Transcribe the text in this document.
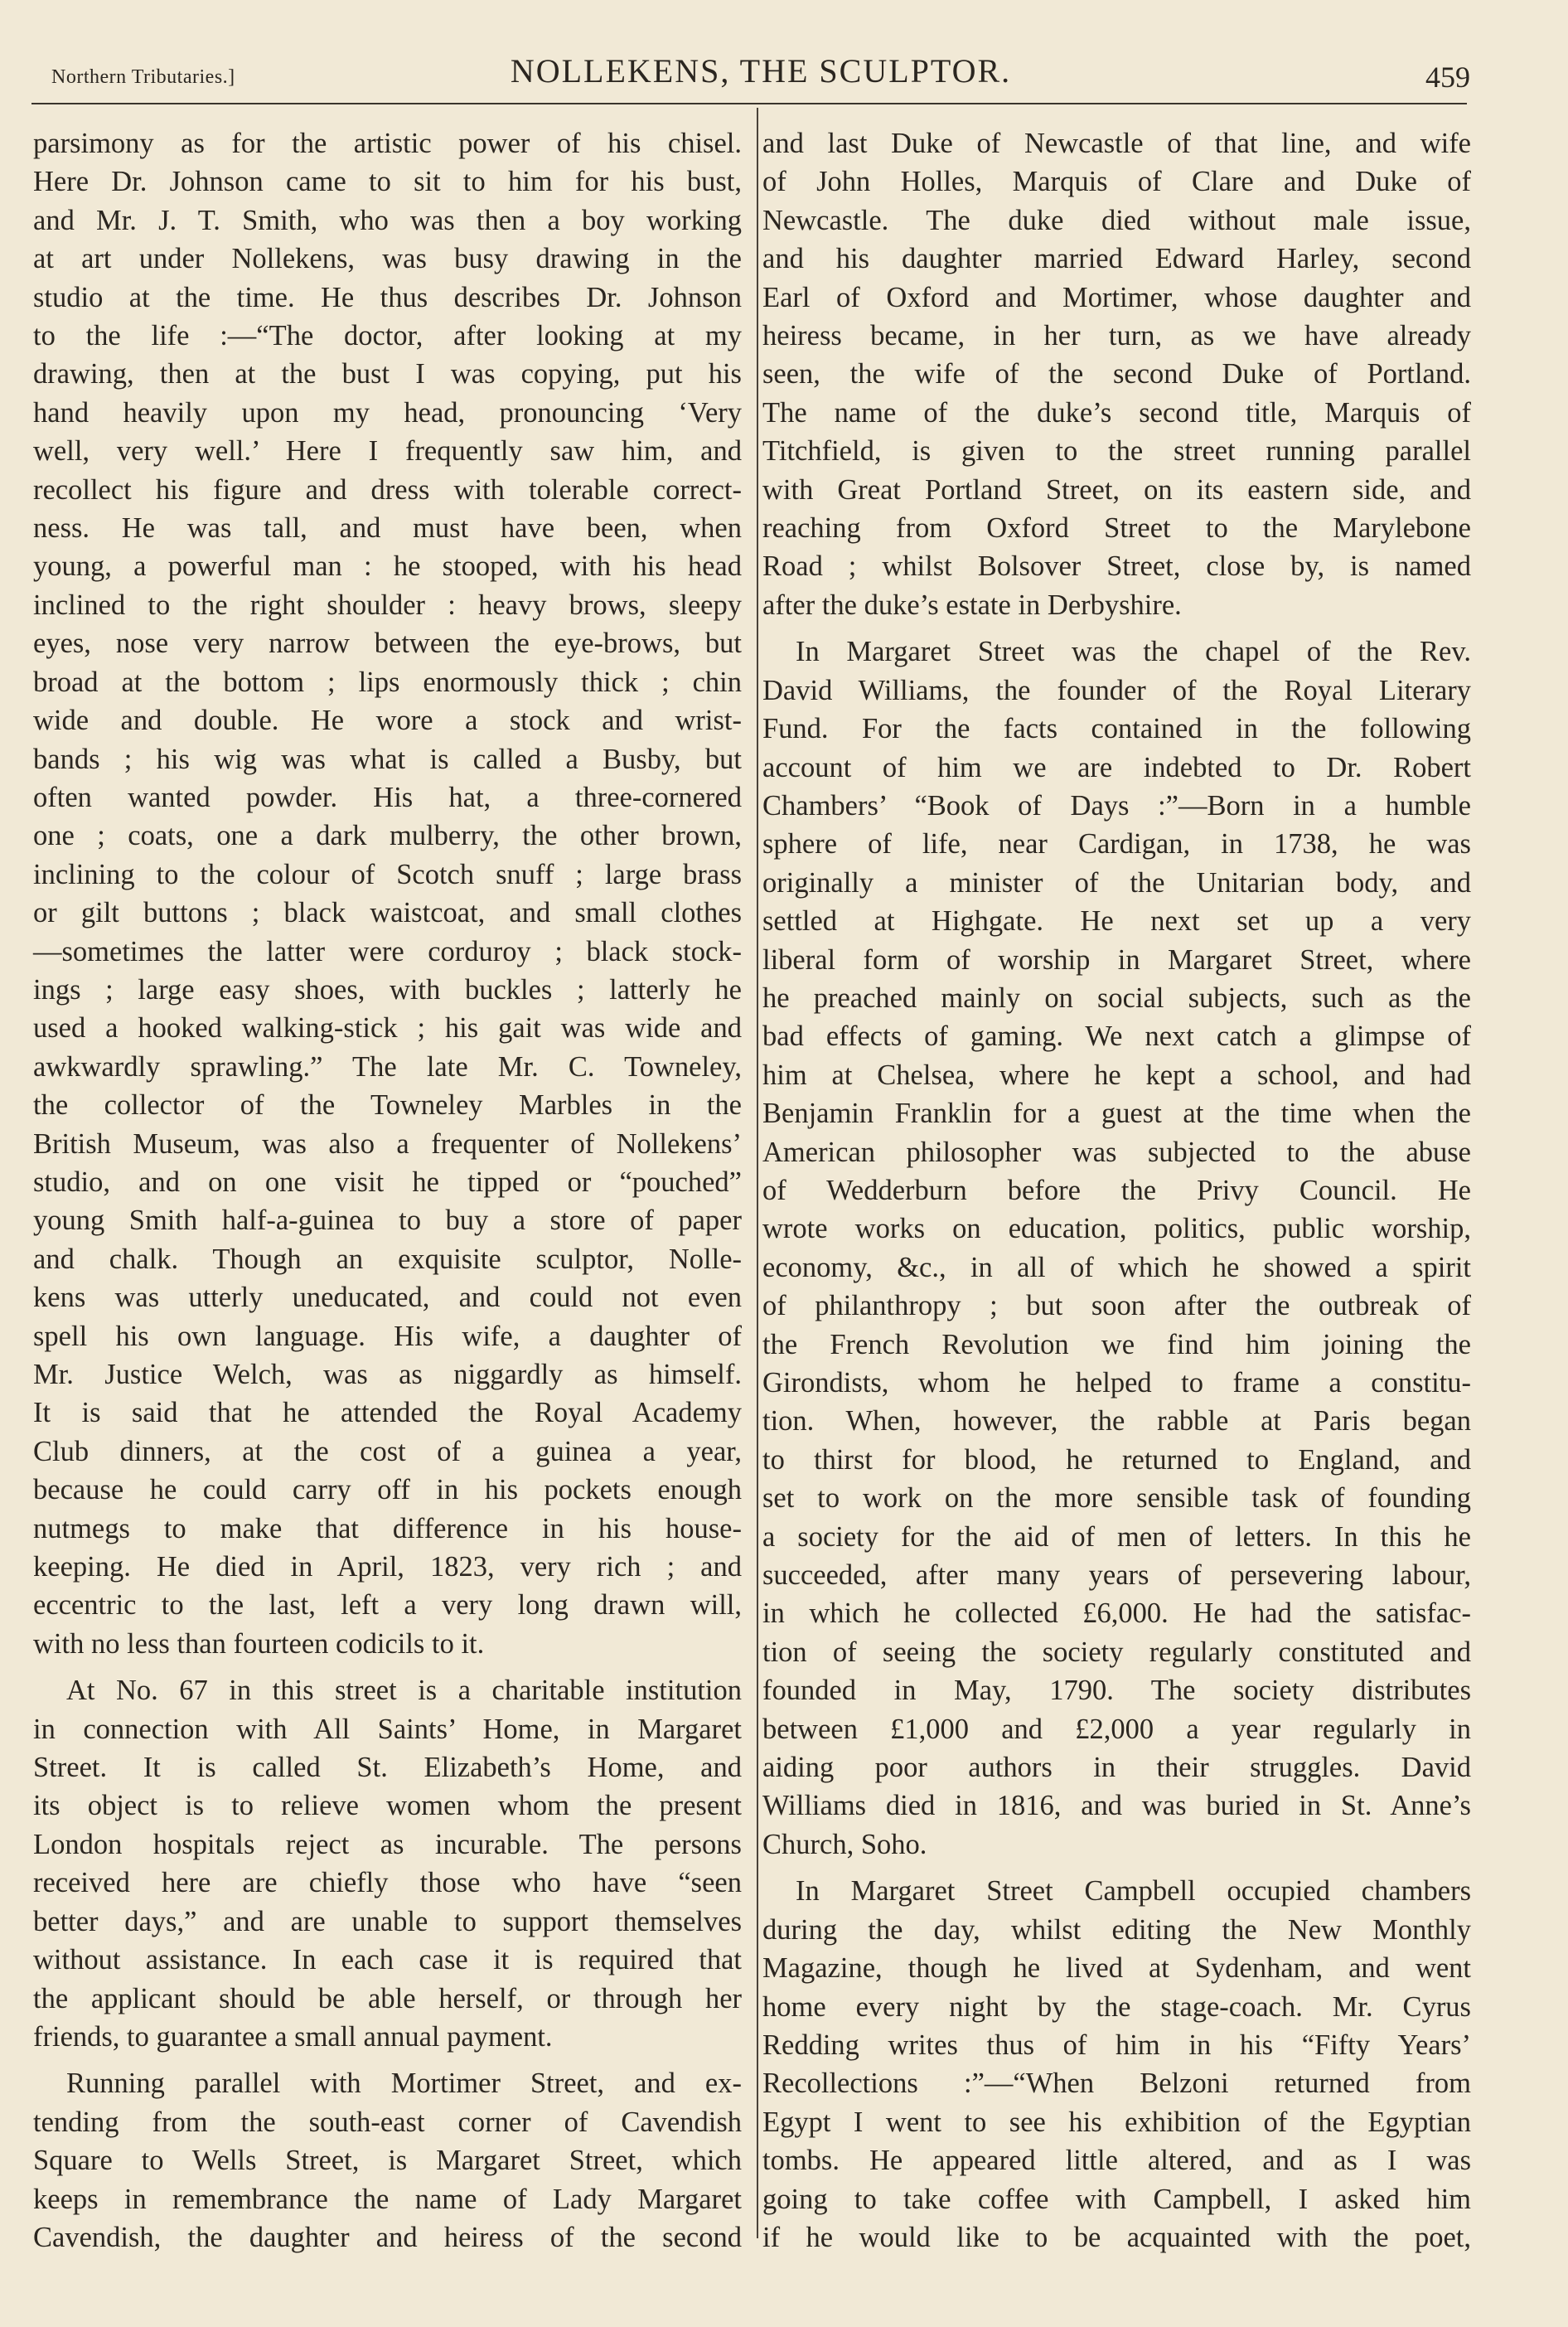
Northern Tributaries.]	NOLLEKENS, THE SCULPTOR.	459

parsimony as for the artistic power of his chisel.

Here Dr. Johnson came to sit to him for his bust,

and Mr. J. T. Smith, who was then a boy working

at art under Nollekens, was busy drawing in the

studio at the time. He thus describes Dr. Johnson

to the life :—“The doctor, after looking at my

drawing, then at the bust I was copying, put his

hand heavily upon my head, pronouncing ‘Very

well, very well.’ Here I frequently saw him, and

recollect his figure and dress with tolerable correct-

ness. He was tall, and must have been, when

young, a powerful man : he stooped, with his head

inclined to the right shoulder : heavy brows, sleepy

eyes, nose very narrow between the eye-brows, but

broad at the bottom ; lips enormously thick ; chin

wide and double. He wore a stock and wrist-

bands ; his wig was what is called a Busby, but

often wanted powder. His hat, a three-cornered

one ; coats, one a dark mulberry, the other brown,

inclining to the colour of Scotch snuff ; large brass

or gilt buttons ; black waistcoat, and small clothes

—sometimes the latter were corduroy ; black stock-

ings ; large easy shoes, with buckles ; latterly he

used a hooked walking-stick ; his gait was wide and

awkwardly sprawling.” The late Mr. C. Towneley,

the collector of the Towneley Marbles in the

British Museum, was also a frequenter of Nollekens’

studio, and on one visit he tipped or “pouched”

young Smith half-a-guinea to buy a store of paper

and chalk. Though an exquisite sculptor, Nolle-

kens was utterly uneducated, and could not even

spell his own language. His wife, a daughter of

Mr. Justice Welch, was as niggardly as himself.

It is said that he attended the Royal Academy

Club dinners, at the cost of a guinea a year,

because he could carry off in his pockets enough

nutmegs to make that difference in his house-

keeping. He died in April, 1823, very rich ; and

eccentric to the last, left a very long drawn will,

with no less than fourteen codicils to it.

At No. 67 in this street is a charitable institution

in connection with All Saints’ Home, in Margaret

Street. It is called St. Elizabeth’s Home, and

its object is to relieve women whom the present

London hospitals reject as incurable. The persons

received here are chiefly those who have “seen

better days,” and are unable to support themselves

without assistance. In each case it is required that

the applicant should be able herself, or through her

friends, to guarantee a small annual payment.

Running parallel with Mortimer Street, and ex-

tending from the south-east corner of Cavendish

Square to Wells Street, is Margaret Street, which

keeps in remembrance the name of Lady Margaret

Cavendish, the daughter and heiress of the second

and last Duke of Newcastle of that line, and wife

of John Holles, Marquis of Clare and Duke of

Newcastle. The duke died without male issue,

and his daughter married Edward Harley, second

Earl of Oxford and Mortimer, whose daughter and

heiress became, in her turn, as we have already

seen, the wife of the second Duke of Portland.

The name of the duke’s second title, Marquis of

Titchfield, is given to the street running parallel

with Great Portland Street, on its eastern side, and

reaching from Oxford Street to the Marylebone

Road ; whilst Bolsover Street, close by, is named

after the duke’s estate in Derbyshire.

In Margaret Street was the chapel of the Rev.

David Williams, the founder of the Royal Literary

Fund. For the facts contained in the following

account of him we are indebted to Dr. Robert

Chambers’ “Book of Days :”—Born in a humble

sphere of life, near Cardigan, in 1738, he was

originally a minister of the Unitarian body, and

settled at Highgate. He next set up a very

liberal form of worship in Margaret Street, where

he preached mainly on social subjects, such as the

bad effects of gaming. We next catch a glimpse of

him at Chelsea, where he kept a school, and had

Benjamin Franklin for a guest at the time when the

American philosopher was subjected to the abuse

of Wedderburn before the Privy Council. He

wrote works on education, politics, public worship,

economy, &c., in all of which he showed a spirit

of philanthropy ; but soon after the outbreak of

the French Revolution we find him joining the

Girondists, whom he helped to frame a constitu-

tion. When, however, the rabble at Paris began

to thirst for blood, he returned to England, and

set to work on the more sensible task of founding

a society for the aid of men of letters. In this he

succeeded, after many years of persevering labour,

in which he collected £6,000. He had the satisfac-

tion of seeing the society regularly constituted and

founded in May, 1790. The society distributes

between £1,000 and £2,000 a year regularly in

aiding poor authors in their struggles. David

Williams died in 1816, and was buried in St. Anne’s

Church, Soho.

In Margaret Street Campbell occupied chambers

during the day, whilst editing the New Monthly

Magazine, though he lived at Sydenham, and went

home every night by the stage-coach. Mr. Cyrus

Redding writes thus of him in his “Fifty Years’

Recollections :”—“When Belzoni returned from

Egypt I went to see his exhibition of the Egyptian

tombs. He appeared little altered, and as I was

going to take coffee with Campbell, I asked him

if he would like to be acquainted with the poet,
